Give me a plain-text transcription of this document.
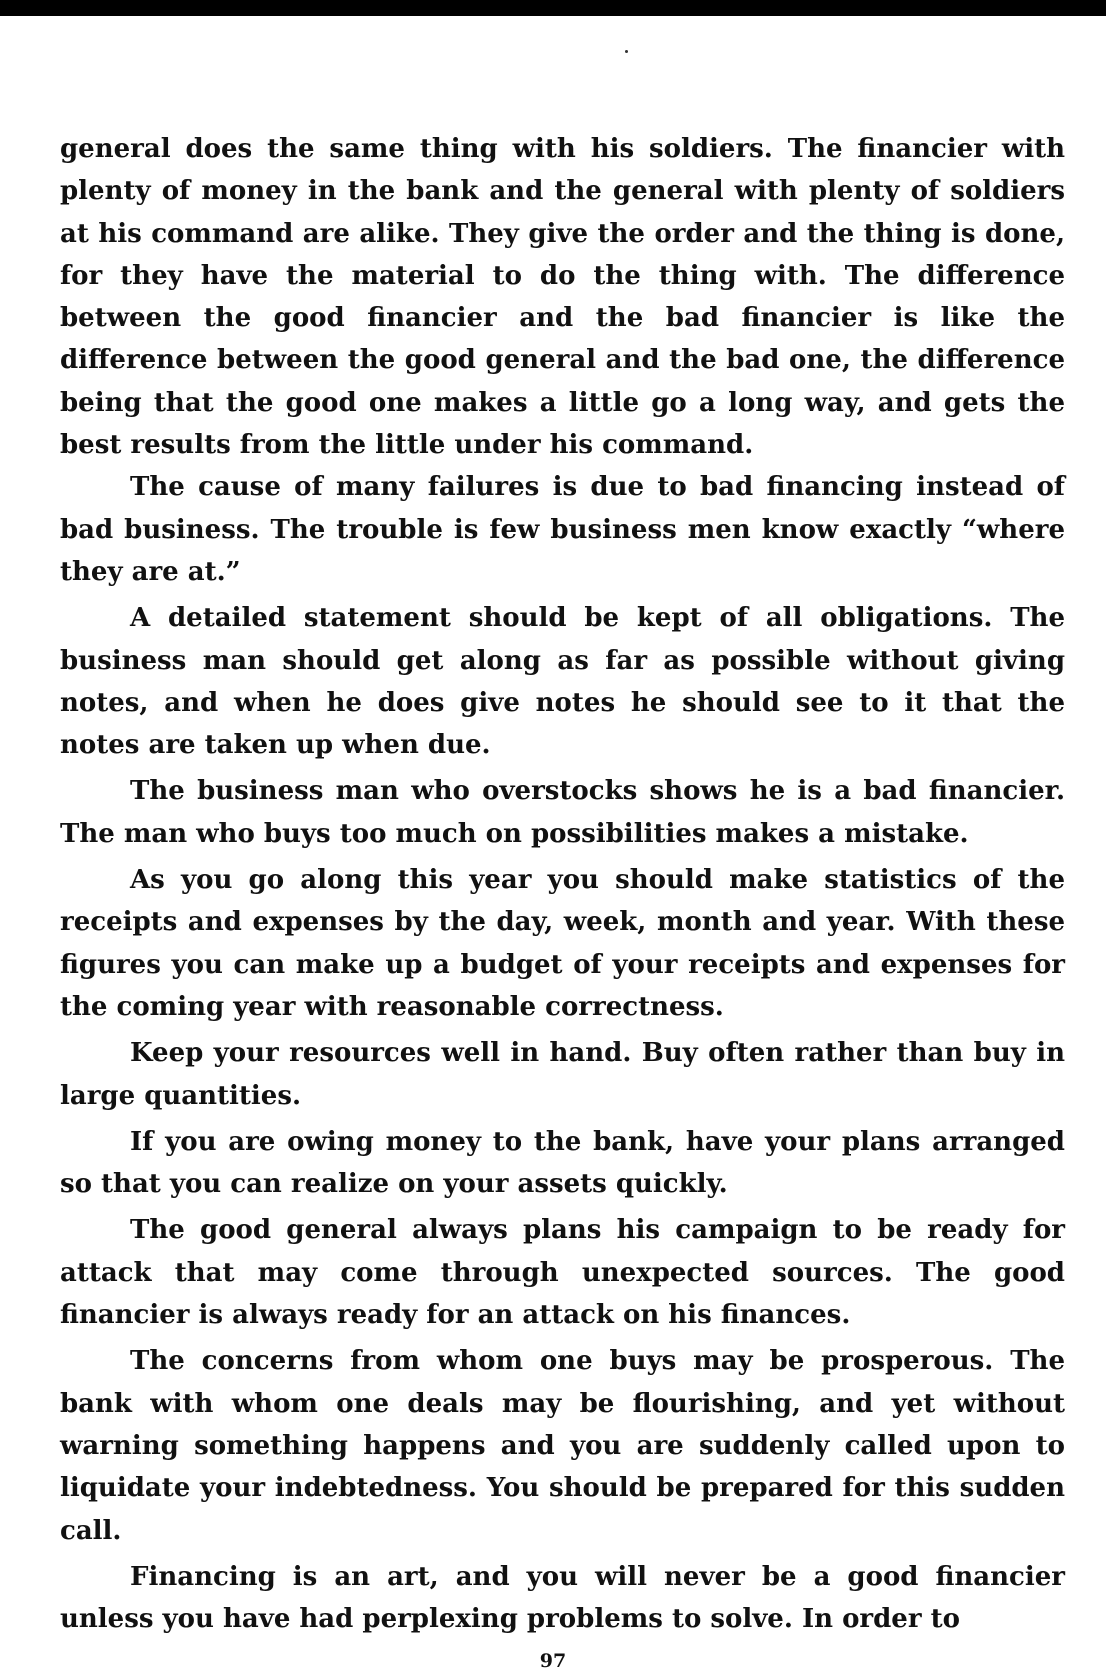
general does the same thing with his soldiers. The financier with plenty of money in the bank and the general with plenty of soldiers at his command are alike. They give the order and the thing is done, for they have the material to do the thing with. The difference between the good financier and the bad financier is like the difference between the good general and the bad one, the difference being that the good one makes a little go a long way, and gets the best results from the little under his command.

The cause of many failures is due to bad financing instead of bad business. The trouble is few business men know exactly “where they are at.”

A detailed statement should be kept of all obligations. The business man should get along as far as possible without giving notes, and when he does give notes he should see to it that the notes are taken up when due.

The business man who overstocks shows he is a bad financier. The man who buys too much on possibilities makes a mistake.

As you go along this year you should make statistics of the receipts and expenses by the day, week, month and year. With these figures you can make up a budget of your receipts and expenses for the coming year with reasonable correctness.

Keep your resources well in hand. Buy often rather than buy in large quantities.

If you are owing money to the bank, have your plans arranged so that you can realize on your assets quickly.

The good general always plans his campaign to be ready for attack that may come through unexpected sources. The good financier is always ready for an attack on his finances.

The concerns from whom one buys may be prosperous. The bank with whom one deals may be flourishing, and yet without warning something happens and you are suddenly called upon to liquidate your indebtedness. You should be prepared for this sudden call.

Financing is an art, and you will never be a good financier unless you have had perplexing problems to solve. In order to

97
